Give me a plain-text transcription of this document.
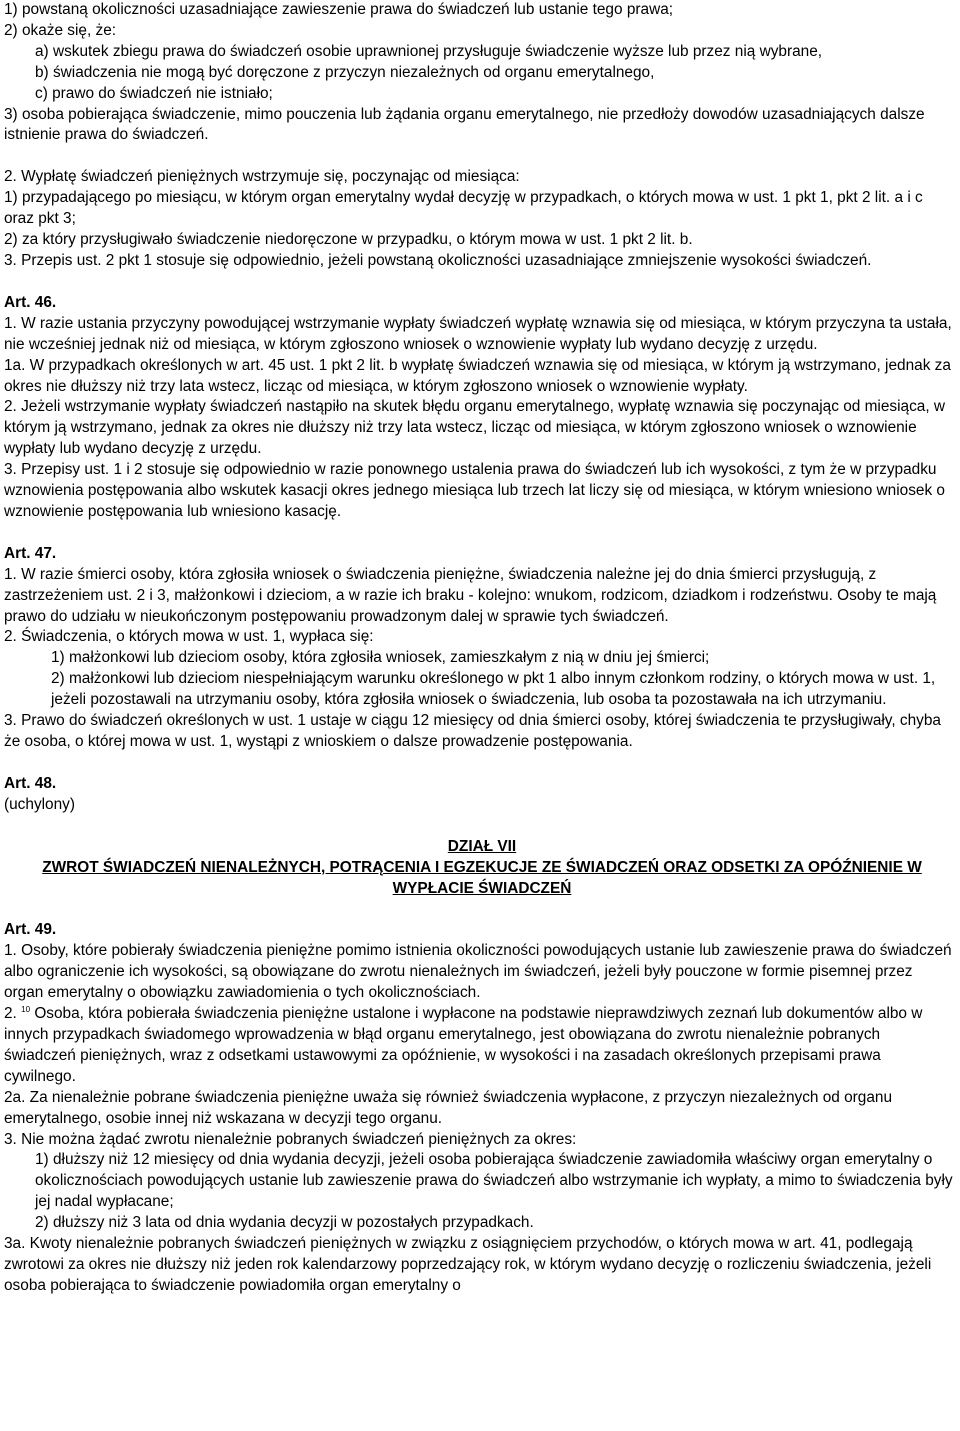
1) powstaną okoliczności uzasadniające zawieszenie prawa do świadczeń lub ustanie tego prawa;

2) okaże się, że:

a) wskutek zbiegu prawa do świadczeń osobie uprawnionej przysługuje świadczenie wyższe lub przez nią wybrane,

b) świadczenia nie mogą być doręczone z przyczyn niezależnych od organu emerytalnego,

c) prawo do świadczeń nie istniało;

3) osoba pobierająca świadczenie, mimo pouczenia lub żądania organu emerytalnego, nie przedłoży dowodów uzasadniających dalsze istnienie prawa do świadczeń.

2. Wypłatę świadczeń pieniężnych wstrzymuje się, poczynając od miesiąca:

1) przypadającego po miesiącu, w którym organ emerytalny wydał decyzję w przypadkach, o których mowa w ust. 1 pkt 1, pkt 2 lit. a i c oraz pkt 3;

2) za który przysługiwało świadczenie niedoręczone w przypadku, o którym mowa w ust. 1 pkt 2 lit. b.

3. Przepis ust. 2 pkt 1 stosuje się odpowiednio, jeżeli powstaną okoliczności uzasadniające zmniejszenie wysokości świadczeń.

Art. 46.

1. W razie ustania przyczyny powodującej wstrzymanie wypłaty świadczeń wypłatę wznawia się od miesiąca, w którym przyczyna ta ustała, nie wcześniej jednak niż od miesiąca, w którym zgłoszono wniosek o wznowienie wypłaty lub wydano decyzję z urzędu.

1a. W przypadkach określonych w art. 45 ust. 1 pkt 2 lit. b wypłatę świadczeń wznawia się od miesiąca, w którym ją wstrzymano, jednak za okres nie dłuższy niż trzy lata wstecz, licząc od miesiąca, w którym zgłoszono wniosek o wznowienie wypłaty.

2. Jeżeli wstrzymanie wypłaty świadczeń nastąpiło na skutek błędu organu emerytalnego, wypłatę wznawia się poczynając od miesiąca, w którym ją wstrzymano, jednak za okres nie dłuższy niż trzy lata wstecz, licząc od miesiąca, w którym zgłoszono wniosek o wznowienie wypłaty lub wydano decyzję z urzędu.

3. Przepisy ust. 1 i 2 stosuje się odpowiednio w razie ponownego ustalenia prawa do świadczeń lub ich wysokości, z tym że w przypadku wznowienia postępowania albo wskutek kasacji okres jednego miesiąca lub trzech lat liczy się od miesiąca, w którym wniesiono wniosek o wznowienie postępowania lub wniesiono kasację.

Art. 47.

1. W razie śmierci osoby, która zgłosiła wniosek o świadczenia pieniężne, świadczenia należne jej do dnia śmierci przysługują, z zastrzeżeniem ust. 2 i 3, małżonkowi i dzieciom, a w razie ich braku - kolejno: wnukom, rodzicom, dziadkom i rodzeństwu. Osoby te mają prawo do udziału w nieukończonym postępowaniu prowadzonym dalej w sprawie tych świadczeń.

2. Świadczenia, o których mowa w ust. 1, wypłaca się:

1) małżonkowi lub dzieciom osoby, która zgłosiła wniosek, zamieszkałym z nią w dniu jej śmierci;

2) małżonkowi lub dzieciom niespełniającym warunku określonego w pkt 1 albo innym członkom rodziny, o których mowa w ust. 1, jeżeli pozostawali na utrzymaniu osoby, która zgłosiła wniosek o świadczenia, lub osoba ta pozostawała na ich utrzymaniu.

3. Prawo do świadczeń określonych w ust. 1 ustaje w ciągu 12 miesięcy od dnia śmierci osoby, której świadczenia te przysługiwały, chyba że osoba, o której mowa w ust. 1, wystąpi z wnioskiem o dalsze prowadzenie postępowania.

Art. 48.

(uchylony)

DZIAŁ VII
ZWROT ŚWIADCZEŃ NIENALEŻNYCH, POTRĄCENIA I EGZEKUCJE ZE ŚWIADCZEŃ ORAZ ODSETKI ZA OPÓŹNIENIE W WYPŁACIE ŚWIADCZEŃ

Art. 49.

1. Osoby, które pobierały świadczenia pieniężne pomimo istnienia okoliczności powodujących ustanie lub zawieszenie prawa do świadczeń albo ograniczenie ich wysokości, są obowiązane do zwrotu nienależnych im świadczeń, jeżeli były pouczone w formie pisemnej przez organ emerytalny o obowiązku zawiadomienia o tych okolicznościach.

2. $^{10}$ Osoba, która pobierała świadczenia pieniężne ustalone i wypłacone na podstawie nieprawdziwych zeznań lub dokumentów albo w innych przypadkach świadomego wprowadzenia w błąd organu emerytalnego, jest obowiązana do zwrotu nienależnie pobranych świadczeń pieniężnych, wraz z odsetkami ustawowymi za opóźnienie, w wysokości i na zasadach określonych przepisami prawa cywilnego.

2a. Za nienależnie pobrane świadczenia pieniężne uważa się również świadczenia wypłacone, z przyczyn niezależnych od organu emerytalnego, osobie innej niż wskazana w decyzji tego organu.

3. Nie można żądać zwrotu nienależnie pobranych świadczeń pieniężnych za okres:

1) dłuższy niż 12 miesięcy od dnia wydania decyzji, jeżeli osoba pobierająca świadczenie zawiadomiła właściwy organ emerytalny o okolicznościach powodujących ustanie lub zawieszenie prawa do świadczeń albo wstrzymanie ich wypłaty, a mimo to świadczenia były jej nadal wypłacane;

2) dłuższy niż 3 lata od dnia wydania decyzji w pozostałych przypadkach.

3a. Kwoty nienależnie pobranych świadczeń pieniężnych w związku z osiągnięciem przychodów, o których mowa w art. 41, podlegają zwrotowi za okres nie dłuższy niż jeden rok kalendarzowy poprzedzający rok, w którym wydano decyzję o rozliczeniu świadczenia, jeżeli osoba pobierająca to świadczenie powiadomiła organ emerytalny o
